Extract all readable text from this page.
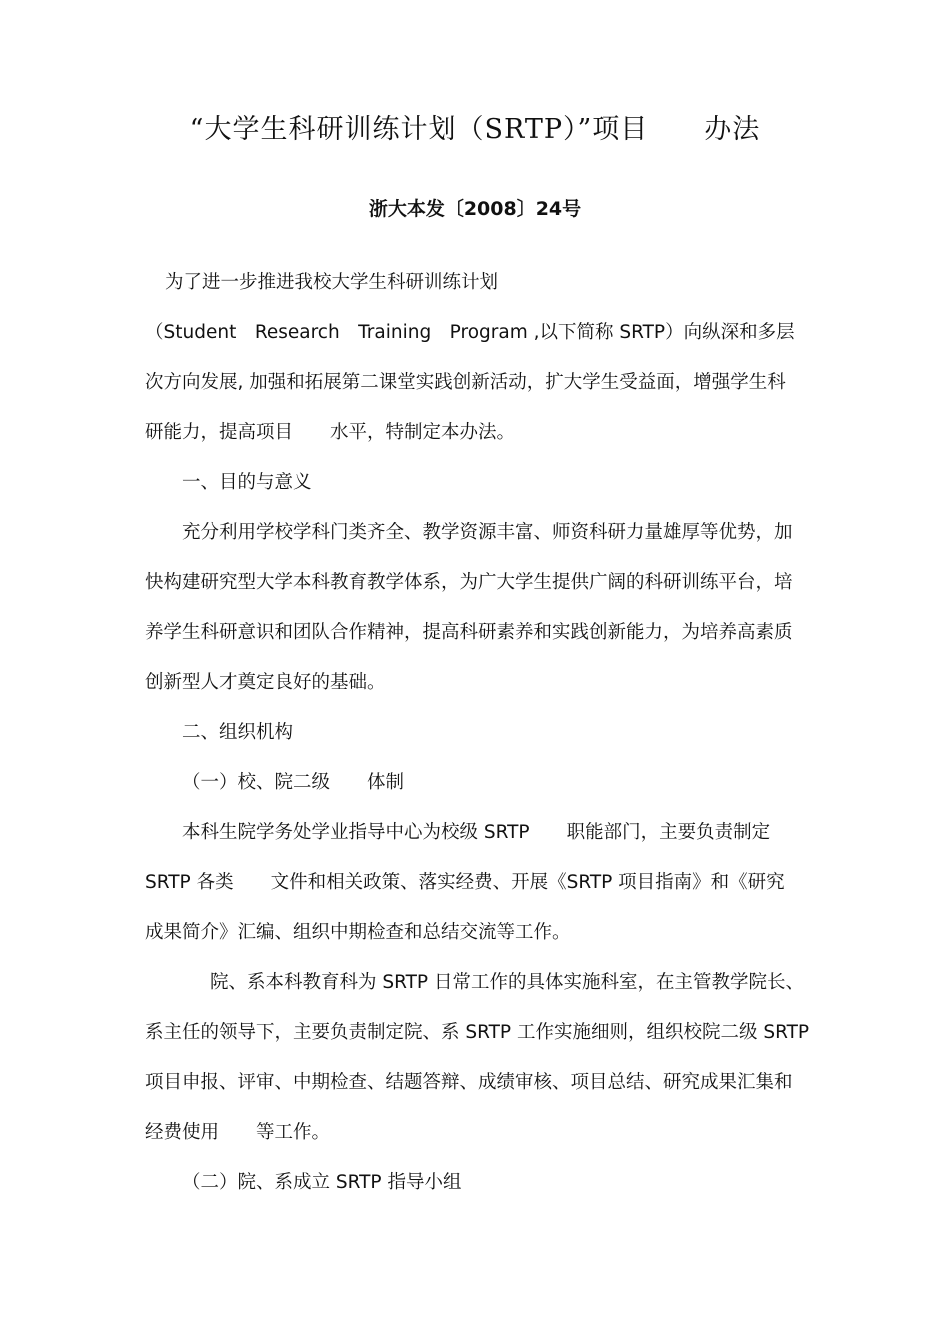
“大学生科研训练计划（SRTP）”项目　　办法
浙大本发〔2008〕24号
为了进一步推进我校大学生科研训练计划
（Student　Research　Training　Program ,以下简称 SRTP）向纵深和多层
次方向发展, 加强和拓展第二课堂实践创新活动，扩大学生受益面，增强学生科
研能力，提高项目　　水平，特制定本办法。
一、目的与意义
充分利用学校学科门类齐全、教学资源丰富、师资科研力量雄厚等优势，加
快构建研究型大学本科教育教学体系，为广大学生提供广阔的科研训练平台，培
养学生科研意识和团队合作精神，提高科研素养和实践创新能力，为培养高素质
创新型人才奠定良好的基础。
二、组织机构
（一）校、院二级　　体制
本科生院学务处学业指导中心为校级 SRTP　　职能部门，主要负责制定
SRTP 各类　　文件和相关政策、落实经费、开展《SRTP 项目指南》和《研究
成果简介》汇编、组织中期检查和总结交流等工作。
院、系本科教育科为 SRTP 日常工作的具体实施科室，在主管教学院长、
系主任的领导下，主要负责制定院、系 SRTP 工作实施细则，组织校院二级 SRTP
项目申报、评审、中期检查、结题答辩、成绩审核、项目总结、研究成果汇集和
经费使用　　等工作。
（二）院、系成立 SRTP 指导小组
